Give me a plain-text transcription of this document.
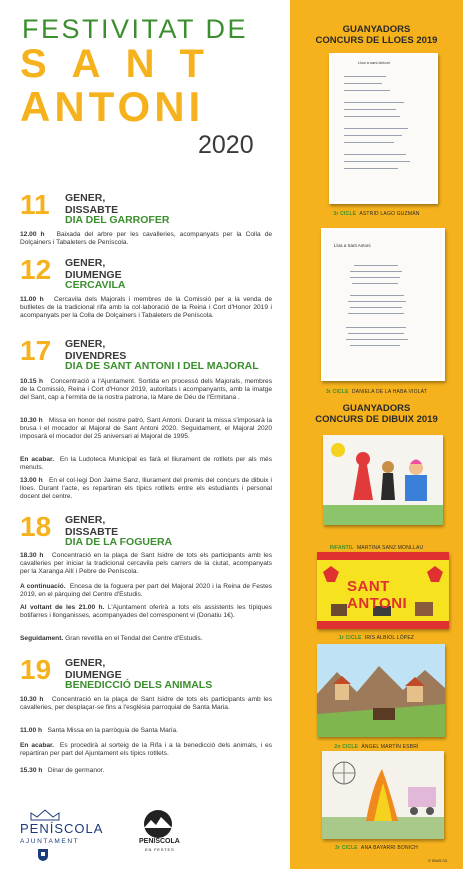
FESTIVITAT DE
SANT
ANTONI
2020
11 GENER,
DISSABTE
DIA DEL GARROFER
12.00 h Baixada del arbre per les cavalleries, acompanyats per la Colla de Dolçainers i Tabaleters de Peníscola.
12 GENER,
DIUMENGE
CERCAVILA
11.00 h Cercavila dels Majorals i membres de la Comissió per a la venda de butlletes de la tradicional rifa amb la col·laboració de la Reina i Cort d'Honor 2019 i acompanyats per la Colla de Dolçainers i Tabaleters de Peníscola.
17 GENER,
DIVENDRES
DIA DE SANT ANTONI I DEL MAJORAL
10.15 h Concentració a l'Ajuntament. Sortida en processó dels Majorals, membres de la Comissió, Reina i Cort d'Honor 2019, autoritats i acompanyants, amb la imatge del Sant, cap a l'ermita de la nostra patrona, la Mare de Déu de l'Ermitana .
10.30 h Missa en honor del nostre patró, Sant Antoni. Durant la missa s'imposarà la brusa i el mocador al Majoral de Sant Antoni 2020. Seguidament, el Majoral 2020 imposarà el mocador del 25 aniversari al Majoral de 1995.
En acabar. En la Ludoteca Municipal es farà el lliurament de rotllets per als més menuts.
13.00 h En el col·legi Don Jaime Sanz, lliurament del premis del concurs de dibuix i lloes. Durant l'acte, es repartiran els típics rotllets entre els estudiants i personal docent del centre.
18 GENER,
DISSABTE
DIA DE LA FOGUERA
18.30 h Concentració en la plaça de Sant Isidre de tots els participants amb les cavalleries per iniciar la tradicional cercavila pels carrers de la ciutat, acompanyats per la Xaranga Allí i Pebre de Peníscola.
A continuació. Encesa de la foguera per part del Majoral 2020 i la Reina de Festes 2019, en el pàrquing del Centre d'Estudis.
Al voltant de les 21.00 h. L'Ajuntament oferirà a tots els assistents les típiques botifarres i llonganisses, acompanyades del corresponent vi (Donatiu 1€).
Seguidament. Gran revetlla en el Tendal del Centre d'Estudis.
19 GENER,
DIUMENGE
BENEDICCIÓ DELS ANIMALS
10.30 h Concentració en la plaça de Sant Isidre de tots els participants amb les cavalleries, per desplaçar-se fins a l'església parroquial de Santa Maria.
11.00 h Santa Missa en la parròquia de Santa Maria.
En acabar. Es procedirà al sorteig de la Rifa i a la benedicció dels animals, i es repartiran per part del Ajuntament els típics rotllets.
15.30 h Dinar de germanor.
PENÍSCOLA
AJUNTAMENT	PENÍSCOLA
EN FESTES
GUANYADORS
CONCURS DE LLOES 2019
Lloa a sant Antoni
3r CICLE ASTRID LAGO GUZMÁN
Lloa a Sant Antoni
3r CICLE DANIELA DE LA HABA VIOLAT
GUANYADORS
CONCURS DE DIBUIX 2019
INFANTIL MARTINA SANZ MONLLAU
SANT ANTONI
1r CICLE IRIS ALBIOL LÓPEZ
2n CICLE ÀNGEL MARTÍN ESBRÍ
3r CICLE ANA BAYARRI BONICH
© IBAR 03
